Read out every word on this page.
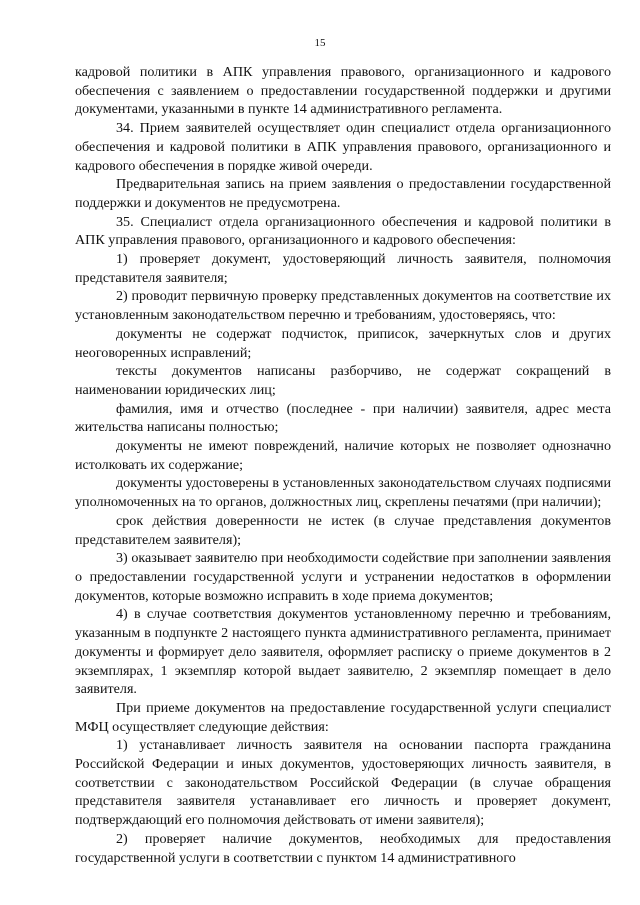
15

кадровой политики в АПК управления правового, организационного и кадрового обеспечения с заявлением о предоставлении государственной поддержки и другими документами, указанными в пункте 14 административного регламента.

34. Прием заявителей осуществляет один специалист отдела организационного обеспечения и кадровой политики в АПК управления правового, организационного и кадрового обеспечения в порядке живой очереди.

Предварительная запись на прием заявления о предоставлении государственной поддержки и документов не предусмотрена.

35. Специалист отдела организационного обеспечения и кадровой политики в АПК управления правового, организационного и кадрового обеспечения:

1) проверяет документ, удостоверяющий личность заявителя, полномочия представителя заявителя;

2) проводит первичную проверку представленных документов на соответствие их установленным законодательством перечню и требованиям, удостоверяясь, что:

документы не содержат подчисток, приписок, зачеркнутых слов и других неоговоренных исправлений;

тексты документов написаны разборчиво, не содержат сокращений в наименовании юридических лиц;

фамилия, имя и отчество (последнее - при наличии) заявителя, адрес места жительства написаны полностью;

документы не имеют повреждений, наличие которых не позволяет однозначно истолковать их содержание;

документы удостоверены в установленных законодательством случаях подписями уполномоченных на то органов, должностных лиц, скреплены печатями (при наличии);

срок действия доверенности не истек (в случае представления документов представителем заявителя);

3) оказывает заявителю при необходимости содействие при заполнении заявления о предоставлении государственной услуги и устранении недостатков в оформлении документов, которые возможно исправить в ходе приема документов;

4) в случае соответствия документов установленному перечню и требованиям, указанным в подпункте 2 настоящего пункта административного регламента, принимает документы и формирует дело заявителя, оформляет расписку о приеме документов в 2 экземплярах, 1 экземпляр которой выдает заявителю, 2 экземпляр помещает в дело заявителя.

При приеме документов на предоставление государственной услуги специалист МФЦ осуществляет следующие действия:

1) устанавливает личность заявителя на основании паспорта гражданина Российской Федерации и иных документов, удостоверяющих личность заявителя, в соответствии с законодательством Российской Федерации (в случае обращения представителя заявителя устанавливает его личность и проверяет документ, подтверждающий его полномочия действовать от имени заявителя);

2) проверяет наличие документов, необходимых для предоставления государственной услуги в соответствии с пунктом 14 административного
